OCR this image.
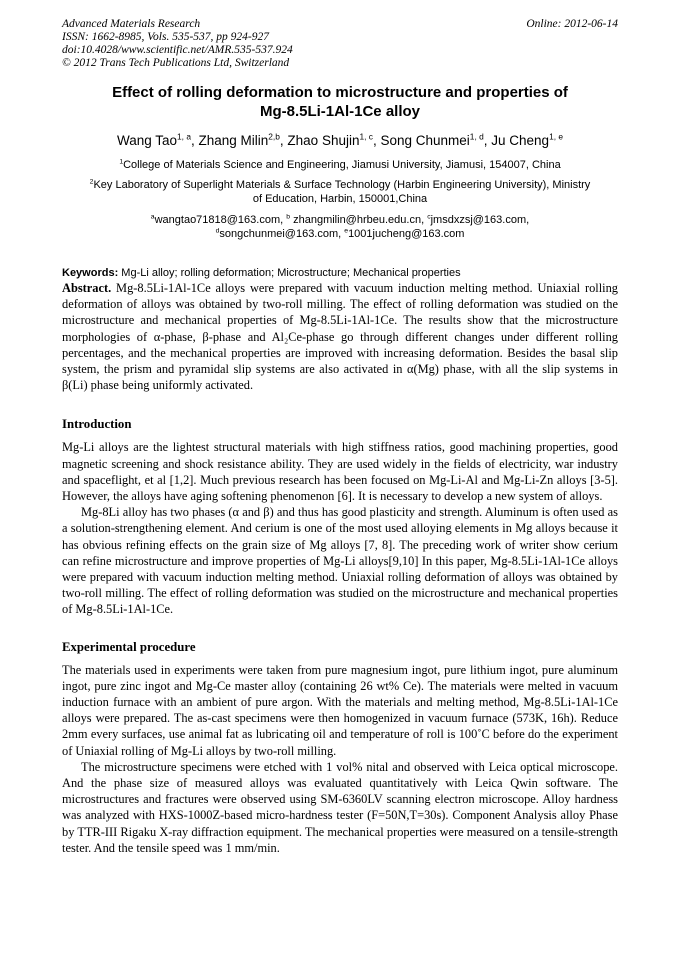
Advanced Materials Research	Online: 2012-06-14
ISSN: 1662-8985, Vols. 535-537, pp 924-927
doi:10.4028/www.scientific.net/AMR.535-537.924
© 2012 Trans Tech Publications Ltd, Switzerland
Effect of rolling deformation to microstructure and properties of
Mg-8.5Li-1Al-1Ce alloy
Wang Tao$^{1, a}$, Zhang Milin$^{2,b}$, Zhao Shujin$^{1, c}$, Song Chunmei$^{1, d}$, Ju Cheng$^{1, e}$
$^1$College of Materials Science and Engineering, Jiamusi University, Jiamusi, 154007, China
$^2$Key Laboratory of Superlight Materials & Surface Technology (Harbin Engineering University), Ministry of Education, Harbin, 150001,China
$^a$wangtao71818@163.com, $^b$ zhangmilin@hrbeu.edu.cn, $^c$jmsdxzsj@163.com,
$^d$songchunmei@163.com, $^e$1001jucheng@163.com
Keywords: Mg-Li alloy; rolling deformation; Microstructure; Mechanical properties

Abstract. Mg-8.5Li-1Al-1Ce alloys were prepared with vacuum induction melting method. Uniaxial rolling deformation of alloys was obtained by two-roll milling. The effect of rolling deformation was studied on the microstructure and mechanical properties of Mg-8.5Li-1Al-1Ce. The results show that the microstructure morphologies of α-phase, β-phase and Al₂Ce-phase go through different changes under different rolling percentages, and the mechanical properties are improved with increasing deformation. Besides the basal slip system, the prism and pyramidal slip systems are also activated in α(Mg) phase, with all the slip systems in β(Li) phase being uniformly activated.

Introduction

Mg-Li alloys are the lightest structural materials with high stiffness ratios, good machining properties, good magnetic screening and shock resistance ability. They are used widely in the fields of electricity, war industry and spaceflight, et al [1,2]. Much previous research has been focused on Mg-Li-Al and Mg-Li-Zn alloys [3-5]. However, the alloys have aging softening phenomenon [6]. It is necessary to develop a new system of alloys.

Mg-8Li alloy has two phases (α and β) and thus has good plasticity and strength. Aluminum is often used as a solution-strengthening element. And cerium is one of the most used alloying elements in Mg alloys because it has obvious refining effects on the grain size of Mg alloys [7, 8]. The preceding work of writer show cerium can refine microstructure and improve properties of Mg-Li alloys[9,10] In this paper, Mg-8.5Li-1Al-1Ce alloys were prepared with vacuum induction melting method. Uniaxial rolling deformation of alloys was obtained by two-roll milling. The effect of rolling deformation was studied on the microstructure and mechanical properties of Mg-8.5Li-1Al-1Ce.

Experimental procedure

The materials used in experiments were taken from pure magnesium ingot, pure lithium ingot, pure aluminum ingot, pure zinc ingot and Mg-Ce master alloy (containing 26 wt% Ce). The materials were melted in vacuum induction furnace with an ambient of pure argon. With the materials and melting method, Mg-8.5Li-1Al-1Ce alloys were prepared. The as-cast specimens were then homogenized in vacuum furnace (573K, 16h). Reduce 2mm every surfaces, use animal fat as lubricating oil and temperature of roll is 100˚C before do the experiment of Uniaxial rolling of Mg-Li alloys by two-roll milling.

The microstructure specimens were etched with 1 vol% nital and observed with Leica optical microscope. And the phase size of measured alloys was evaluated quantitatively with Leica Qwin software. The microstructures and fractures were observed using SM-6360LV scanning electron microscope. Alloy hardness was analyzed with HXS-1000Z-based micro-hardness tester (F=50N,T=30s). Component Analysis alloy Phase by TTR-III Rigaku X-ray diffraction equipment. The mechanical properties were measured on a tensile-strength tester. And the tensile speed was 1 mm/min.
